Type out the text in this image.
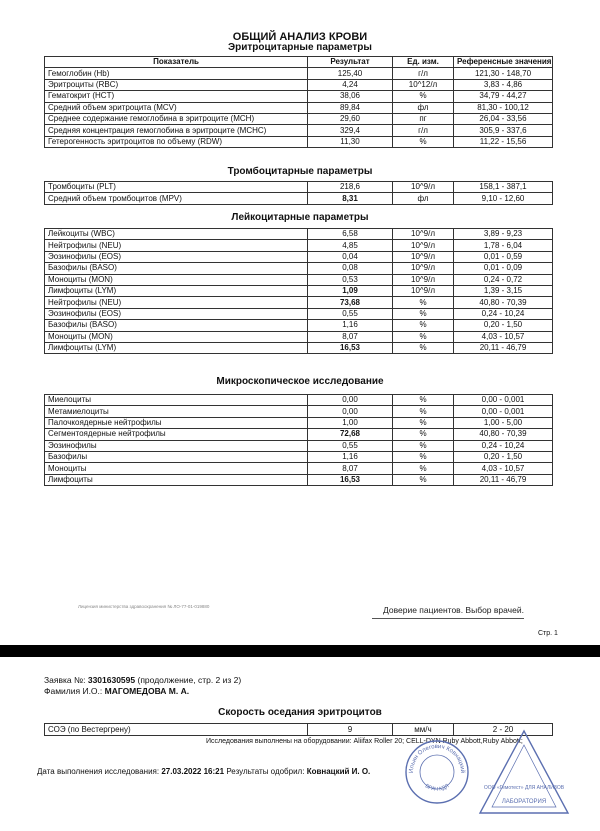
ОБЩИЙ АНАЛИЗ КРОВИ
Эритроцитарные параметры
Показатель	Результат	Ед. изм.	Референсные значения
Гемоглобин (Hb)	125,40	г/л	121,30 - 148,70
Эритроциты (RBC)	4,24	10^12/л	3,83 - 4,86
Гематокрит (HCT)	38,06	%	34,79 - 44,27
Средний объем эритроцита (MCV)	89,84	фл	81,30 - 100,12
Среднее содержание гемоглобина в эритроците (MCH)	29,60	пг	26,04 - 33,56
Средняя концентрация гемоглобина в эритроците (MCHC)	329,4	г/л	305,9 - 337,6
Гетерогенность эритроцитов по объему (RDW)	11,30	%	11,22 - 15,56
Тромбоцитарные параметры
Тромбоциты (PLT)	218,6	10^9/л	158,1 - 387,1
Средний объем тромбоцитов (MPV)	8,31	фл	9,10 - 12,60
Лейкоцитарные параметры
Лейкоциты (WBC)	6,58	10^9/л	3,89 - 9,23
Нейтрофилы (NEU)	4,85	10^9/л	1,78 - 6,04
Эозинофилы (EOS)	0,04	10^9/л	0,01 - 0,59
Базофилы (BASO)	0,08	10^9/л	0,01 - 0,09
Моноциты (MON)	0,53	10^9/л	0,24 - 0,72
Лимфоциты (LYM)	1,09	10^9/л	1,39 - 3,15
Нейтрофилы (NEU)	73,68	%	40,80 - 70,39
Эозинофилы (EOS)	0,55	%	0,24 - 10,24
Базофилы (BASO)	1,16	%	0,20 - 1,50
Моноциты (MON)	8,07	%	4,03 - 10,57
Лимфоциты (LYM)	16,53	%	20,11 - 46,79
Микроскопическое исследование
Миелоциты	0,00	%	0,00 - 0,001
Метамиелоциты	0,00	%	0,00 - 0,001
Палочкоядерные нейтрофилы	1,00	%	1,00 - 5,00
Сегментоядерные нейтрофилы	72,68	%	40,80 - 70,39
Эозинофилы	0,55	%	0,24 - 10,24
Базофилы	1,16	%	0,20 - 1,50
Моноциты	8,07	%	4,03 - 10,57
Лимфоциты	16,53	%	20,11 - 46,79
Лицензия министерства здравоохранения № ЛО-77-01-019880	Доверие пациентов. Выбор врачей.
Стр. 1
Заявка №: 3301630595 (продолжение, стр. 2 из 2)
Фамилия И.О.: МАГОМЕДОВА М. А.
Скорость оседания эритроцитов
СОЭ (по Вестергрену)	9	мм/ч	2 - 20
Исследования выполнены на оборудовании: Aliifax Roller 20; CELL-DYN Ruby Abbott,Ruby Abbott;
Дата выполнения исследования: 27.03.2022 16:21 Результаты одобрил: Ковнацкий И. О.	Ильин Олегович Ковнацкий
ВРАЧ КДЛ	ООО «Гемотест» ДЛЯ АНАЛИЗОВ
ЛАБОРАТОРИЯ
